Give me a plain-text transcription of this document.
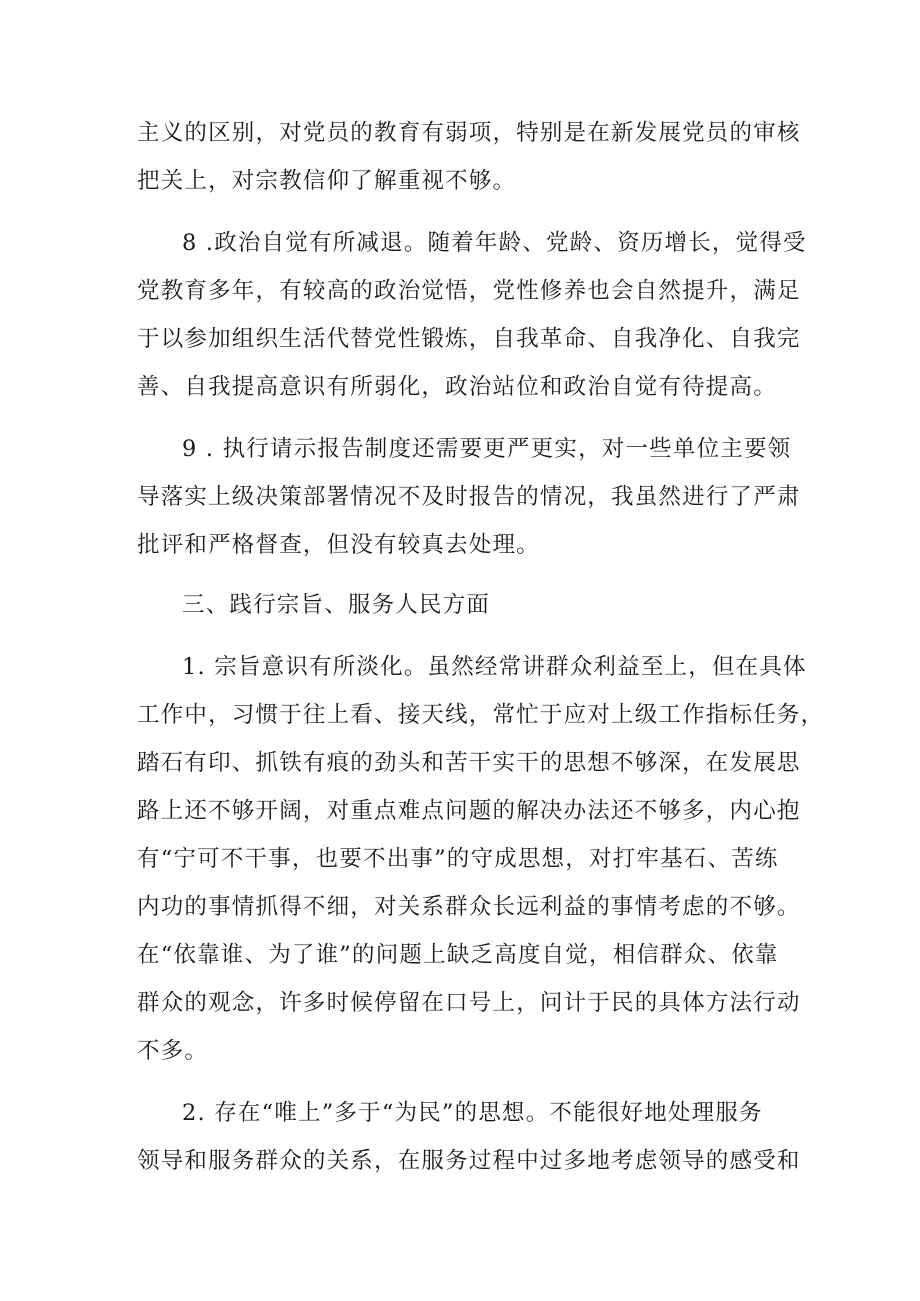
主义的区别，对党员的教育有弱项，特别是在新发展党员的审核
把关上，对宗教信仰了解重视不够。
8 .政治自觉有所减退。随着年龄、党龄、资历增长，觉得受
党教育多年，有较高的政治觉悟，党性修养也会自然提升，满足
于以参加组织生活代替党性锻炼，自我革命、自我净化、自我完
善、自我提高意识有所弱化，政治站位和政治自觉有待提高。
9 . 执行请示报告制度还需要更严更实，对一些单位主要领
导落实上级决策部署情况不及时报告的情况，我虽然进行了严肃
批评和严格督查，但没有较真去处理。
三、践行宗旨、服务人民方面
1. 宗旨意识有所淡化。虽然经常讲群众利益至上，但在具体
工作中，习惯于往上看、接天线，常忙于应对上级工作指标任务，
踏石有印、抓铁有痕的劲头和苦干实干的思想不够深，在发展思
路上还不够开阔，对重点难点问题的解决办法还不够多，内心抱
有“宁可不干事，也要不出事”的守成思想，对打牢基石、苦练
内功的事情抓得不细，对关系群众长远利益的事情考虑的不够。
在“依靠谁、为了谁”的问题上缺乏高度自觉，相信群众、依靠
群众的观念，许多时候停留在口号上，问计于民的具体方法行动
不多。
2. 存在“唯上”多于“为民”的思想。不能很好地处理服务
领导和服务群众的关系，在服务过程中过多地考虑领导的感受和
